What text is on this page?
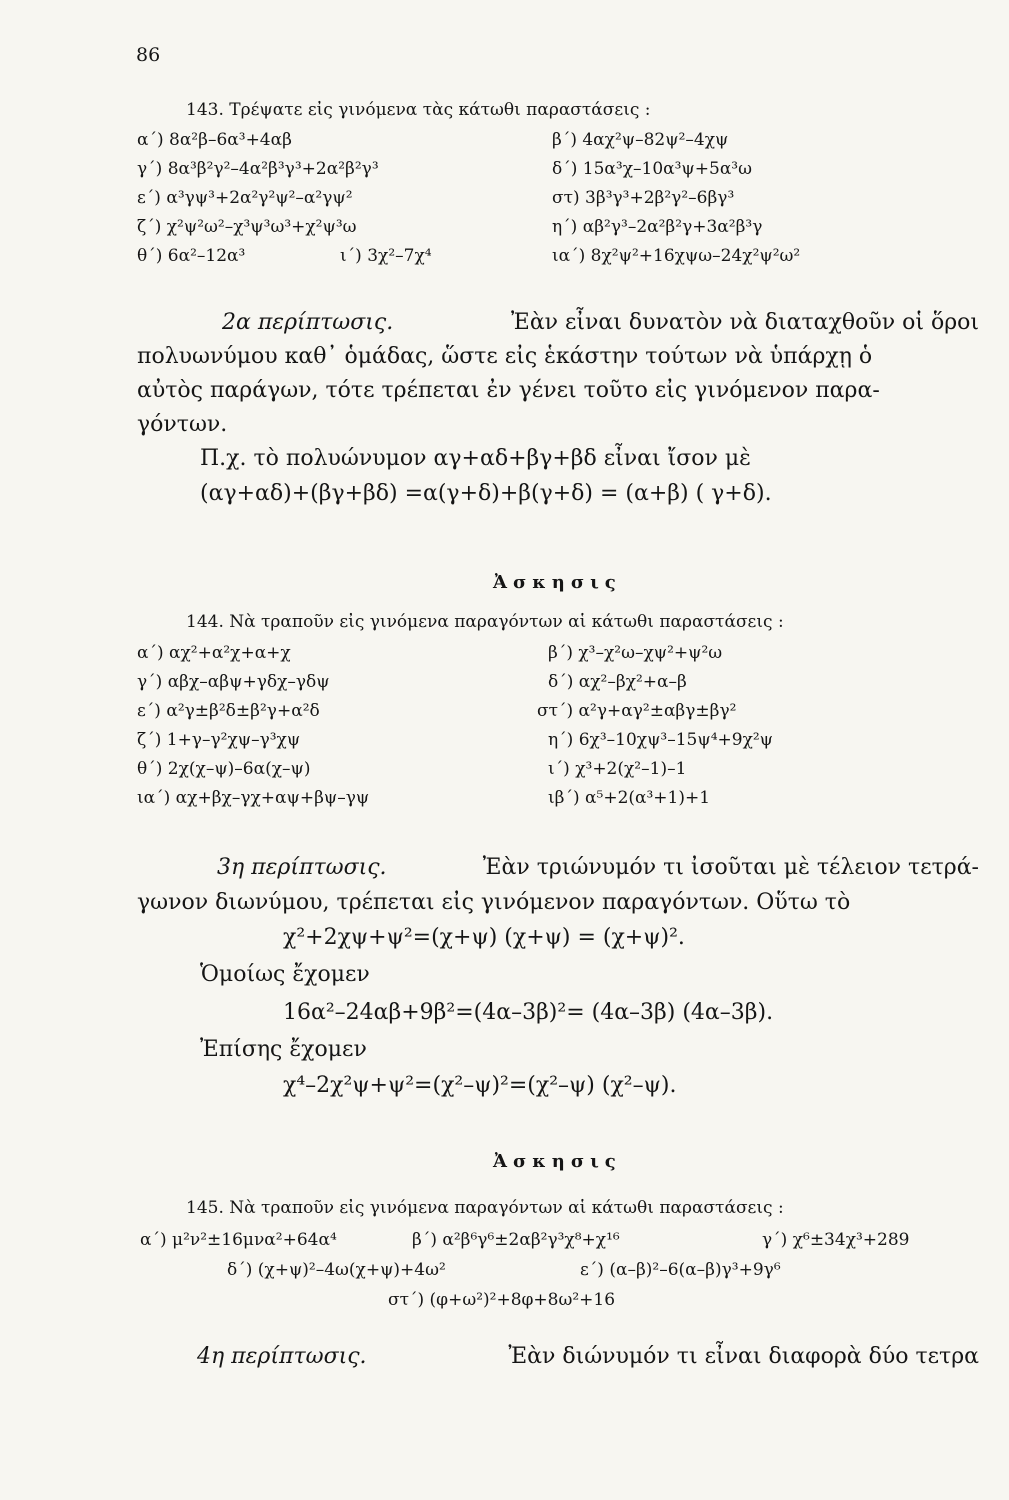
86
143. Τρέψατε εἰς γινόμενα τὰς κάτωθι παραστάσεις :
α΄) 8α²β–6α³+4αβ	β΄) 4αχ²ψ–82ψ²–4χψ
γ΄) 8α³β²γ²–4α²β³γ³+2α²β²γ³	δ΄) 15α³χ–10α³ψ+5α³ω
ε΄) α³γψ³+2α²γ²ψ²–α²γψ²	στ) 3β³γ³+2β²γ²–6βγ³
ζ΄) χ²ψ²ω²–χ³ψ³ω³+χ²ψ³ω	η΄) αβ²γ³–2α²β²γ+3α²β³γ
θ΄) 6α²–12α³	ι΄) 3χ²–7χ⁴	ια΄) 8χ²ψ²+16χψω–24χ²ψ²ω²
2α περίπτωσις.	Ἐὰν εἶναι δυνατὸν νὰ διαταχθοῦν οἱ ὅροι
πολυωνύμου καθ᾽ ὁμάδας, ὥστε εἰς ἑκάστην τούτων νὰ ὑπάρχῃ ὁ
αὐτὸς παράγων, τότε τρέπεται ἐν γένει τοῦτο εἰς γινόμενον παρα-
γόντων.
Π.χ. τὸ πολυώνυμον αγ+αδ+βγ+βδ εἶναι ἴσον μὲ
(αγ+αδ)+(βγ+βδ) =α(γ+δ)+β(γ+δ) = (α+β) ( γ+δ).
Ἀσκησις
144. Νὰ τραποῦν εἰς γινόμενα παραγόντων αἱ κάτωθι παραστάσεις :
α΄) αχ²+α²χ+α+χ	β΄) χ³–χ²ω–χψ²+ψ²ω
γ΄) αβχ–αβψ+γδχ–γδψ	δ΄) αχ²–βχ²+α–β
ε΄) α²γ±β²δ±β²γ+α²δ	στ΄) α²γ+αγ²±αβγ±βγ²
ζ΄) 1+γ–γ²χψ–γ³χψ	η΄) 6χ³–10χψ³–15ψ⁴+9χ²ψ
θ΄) 2χ(χ–ψ)–6α(χ–ψ)	ι΄) χ³+2(χ²–1)–1
ια΄) αχ+βχ–γχ+αψ+βψ–γψ	ιβ΄) α⁵+2(α³+1)+1
3η περίπτωσις.	Ἐὰν τριώνυμόν τι ἰσοῦται μὲ τέλειον τετρά-
γωνον διωνύμου, τρέπεται εἰς γινόμενον παραγόντων. Οὕτω τὸ
χ²+2χψ+ψ²=(χ+ψ) (χ+ψ) = (χ+ψ)².
Ὁμοίως ἔχομεν
16α²–24αβ+9β²=(4α–3β)²= (4α–3β) (4α–3β).
Ἐπίσης ἔχομεν
χ⁴–2χ²ψ+ψ²=(χ²–ψ)²=(χ²–ψ) (χ²–ψ).
Ἀσκησις
145. Νὰ τραποῦν εἰς γινόμενα παραγόντων αἱ κάτωθι παραστάσεις :
α΄) μ²ν²±16μνα²+64α⁴	β΄) α²β⁶γ⁶±2αβ²γ³χ⁸+χ¹⁶	γ΄) χ⁶±34χ³+289
δ΄) (χ+ψ)²–4ω(χ+ψ)+4ω²	ε΄) (α–β)²–6(α–β)γ³+9γ⁶
στ΄) (φ+ω²)²+8φ+8ω²+16
4η περίπτωσις.	Ἐὰν διώνυμόν τι εἶναι διαφορὰ δύο τετρα
